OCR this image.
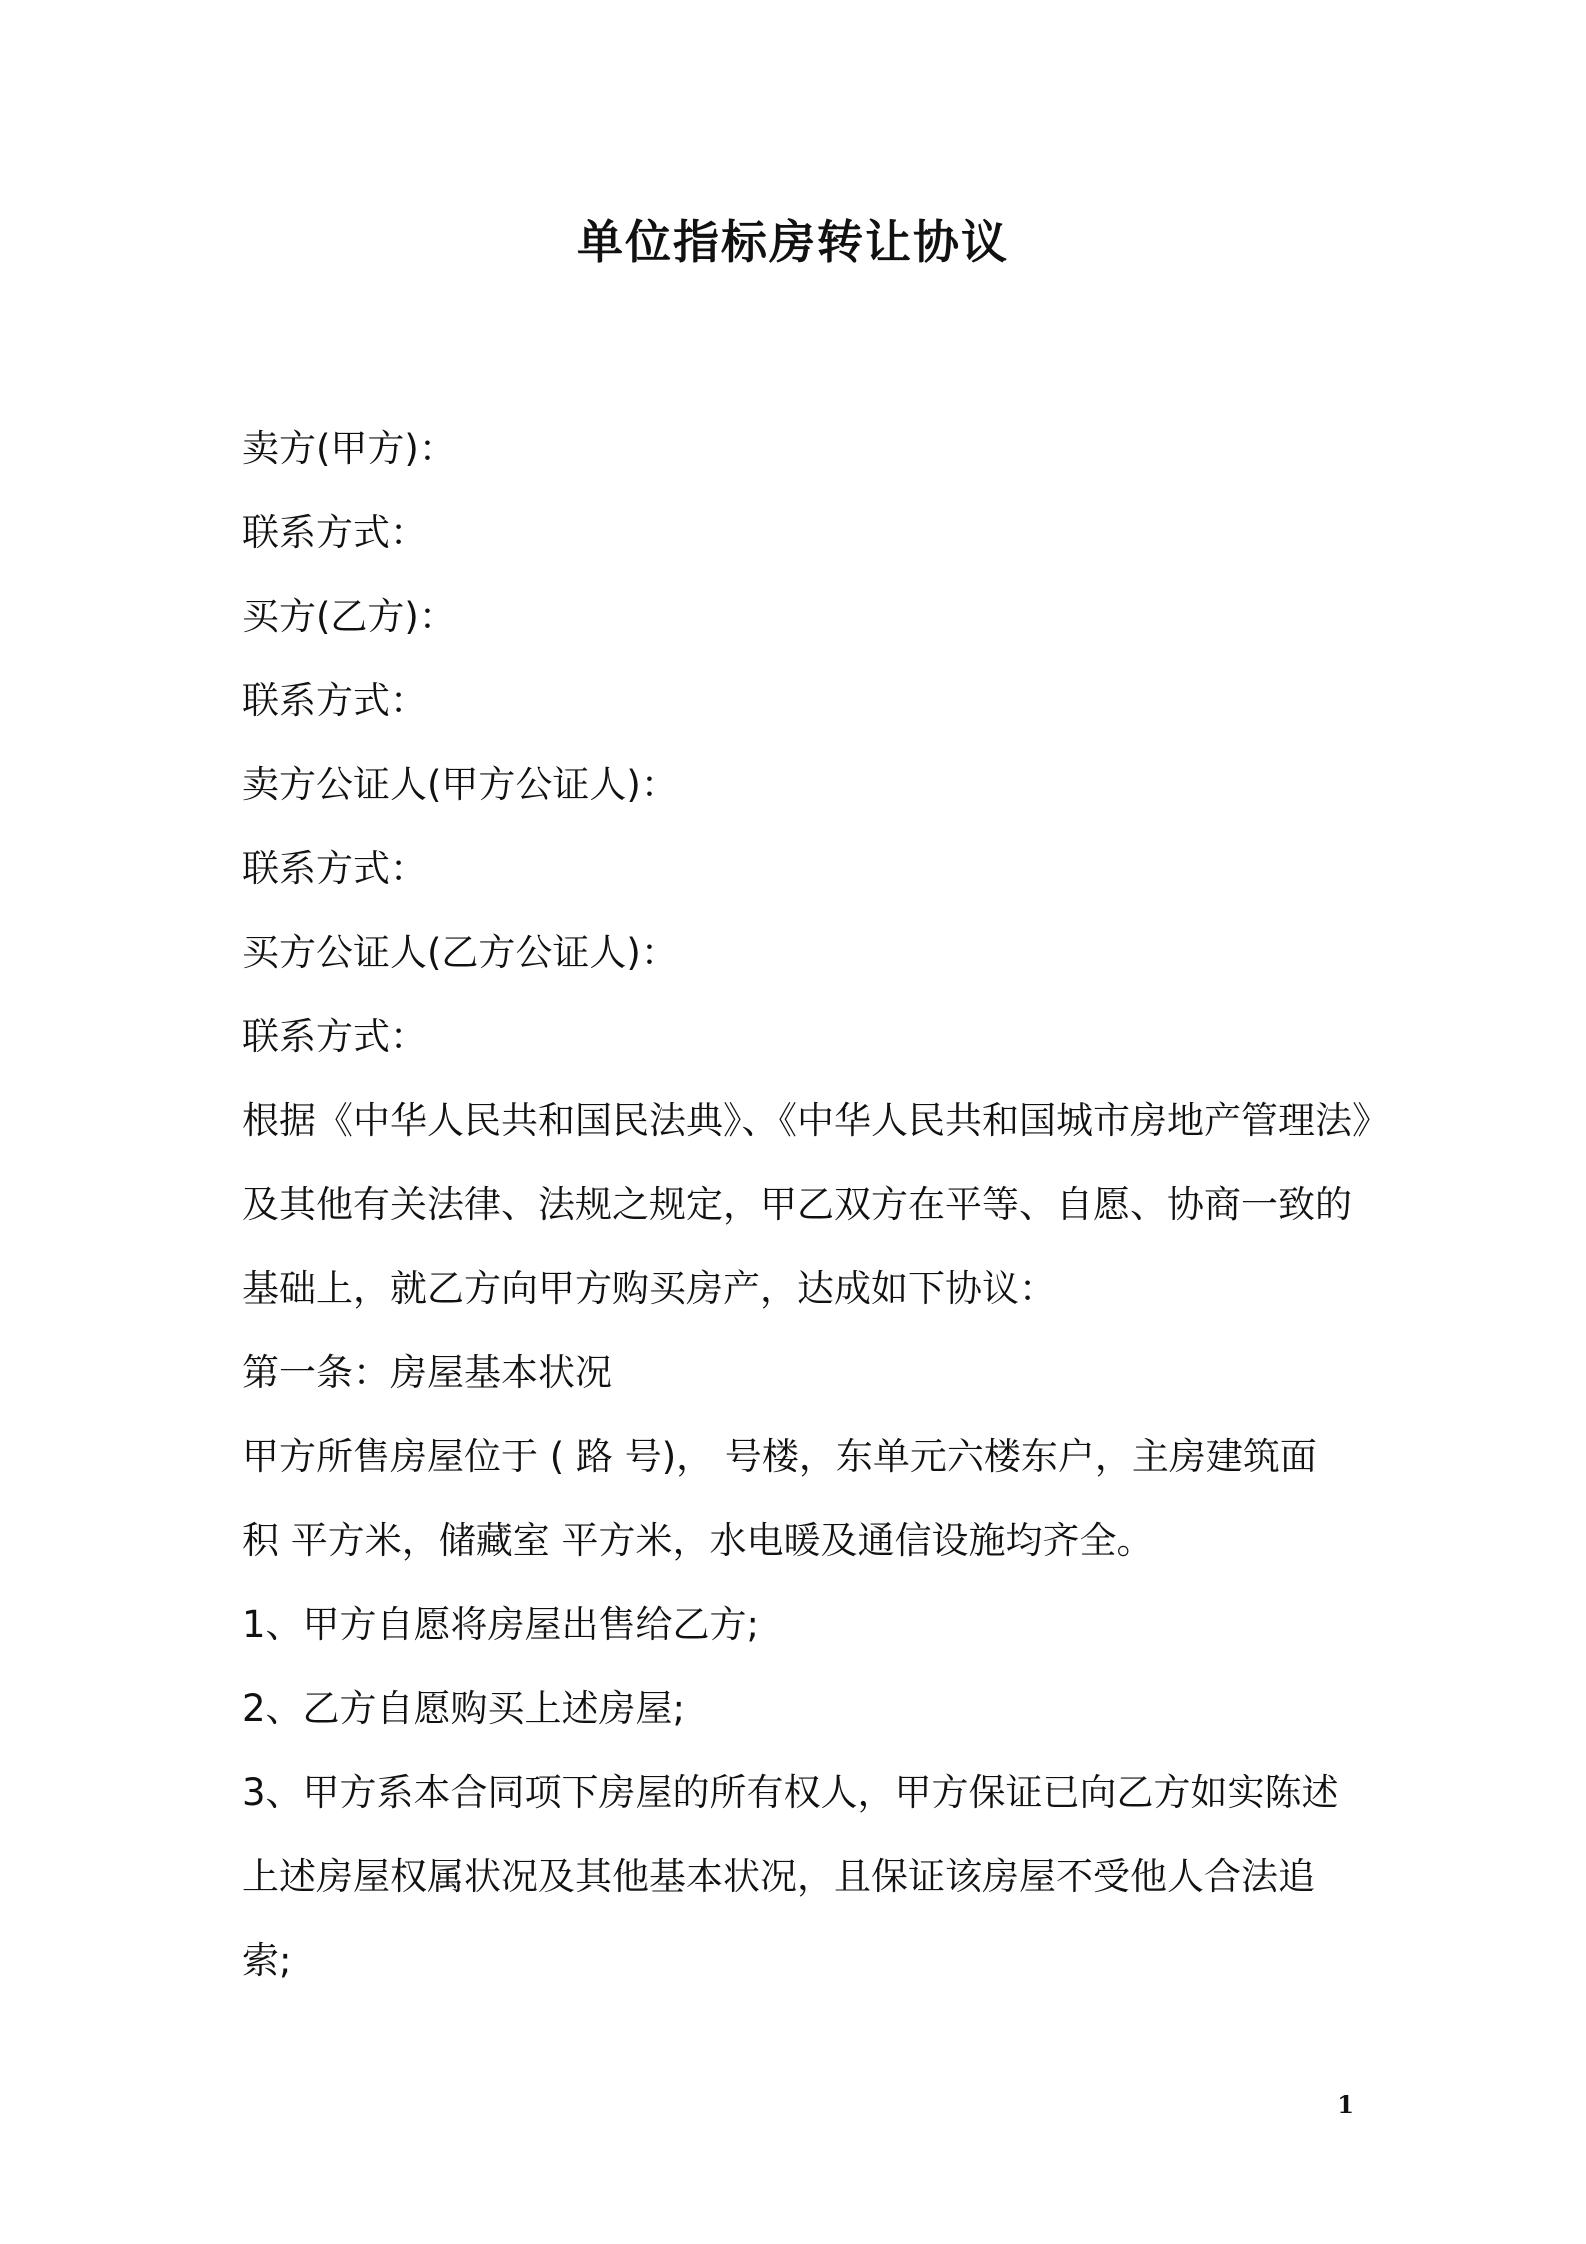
单位指标房转让协议
卖方(甲方)：
联系方式：
买方(乙方)：
联系方式：
卖方公证人(甲方公证人)：
联系方式：
买方公证人(乙方公证人)：
联系方式：
根据《中华人民共和国民法典》、《中华人民共和国城市房地产管理法》
及其他有关法律、法规之规定，甲乙双方在平等、自愿、协商一致的
基础上，就乙方向甲方购买房产，达成如下协议：
第一条：房屋基本状况
甲方所售房屋位于 ( 路 号)， 号楼，东单元六楼东户，主房建筑面
积 平方米，储藏室 平方米，水电暖及通信设施均齐全。
1、甲方自愿将房屋出售给乙方;
2、乙方自愿购买上述房屋;
3、甲方系本合同项下房屋的所有权人，甲方保证已向乙方如实陈述
上述房屋权属状况及其他基本状况，且保证该房屋不受他人合法追
索;
1
